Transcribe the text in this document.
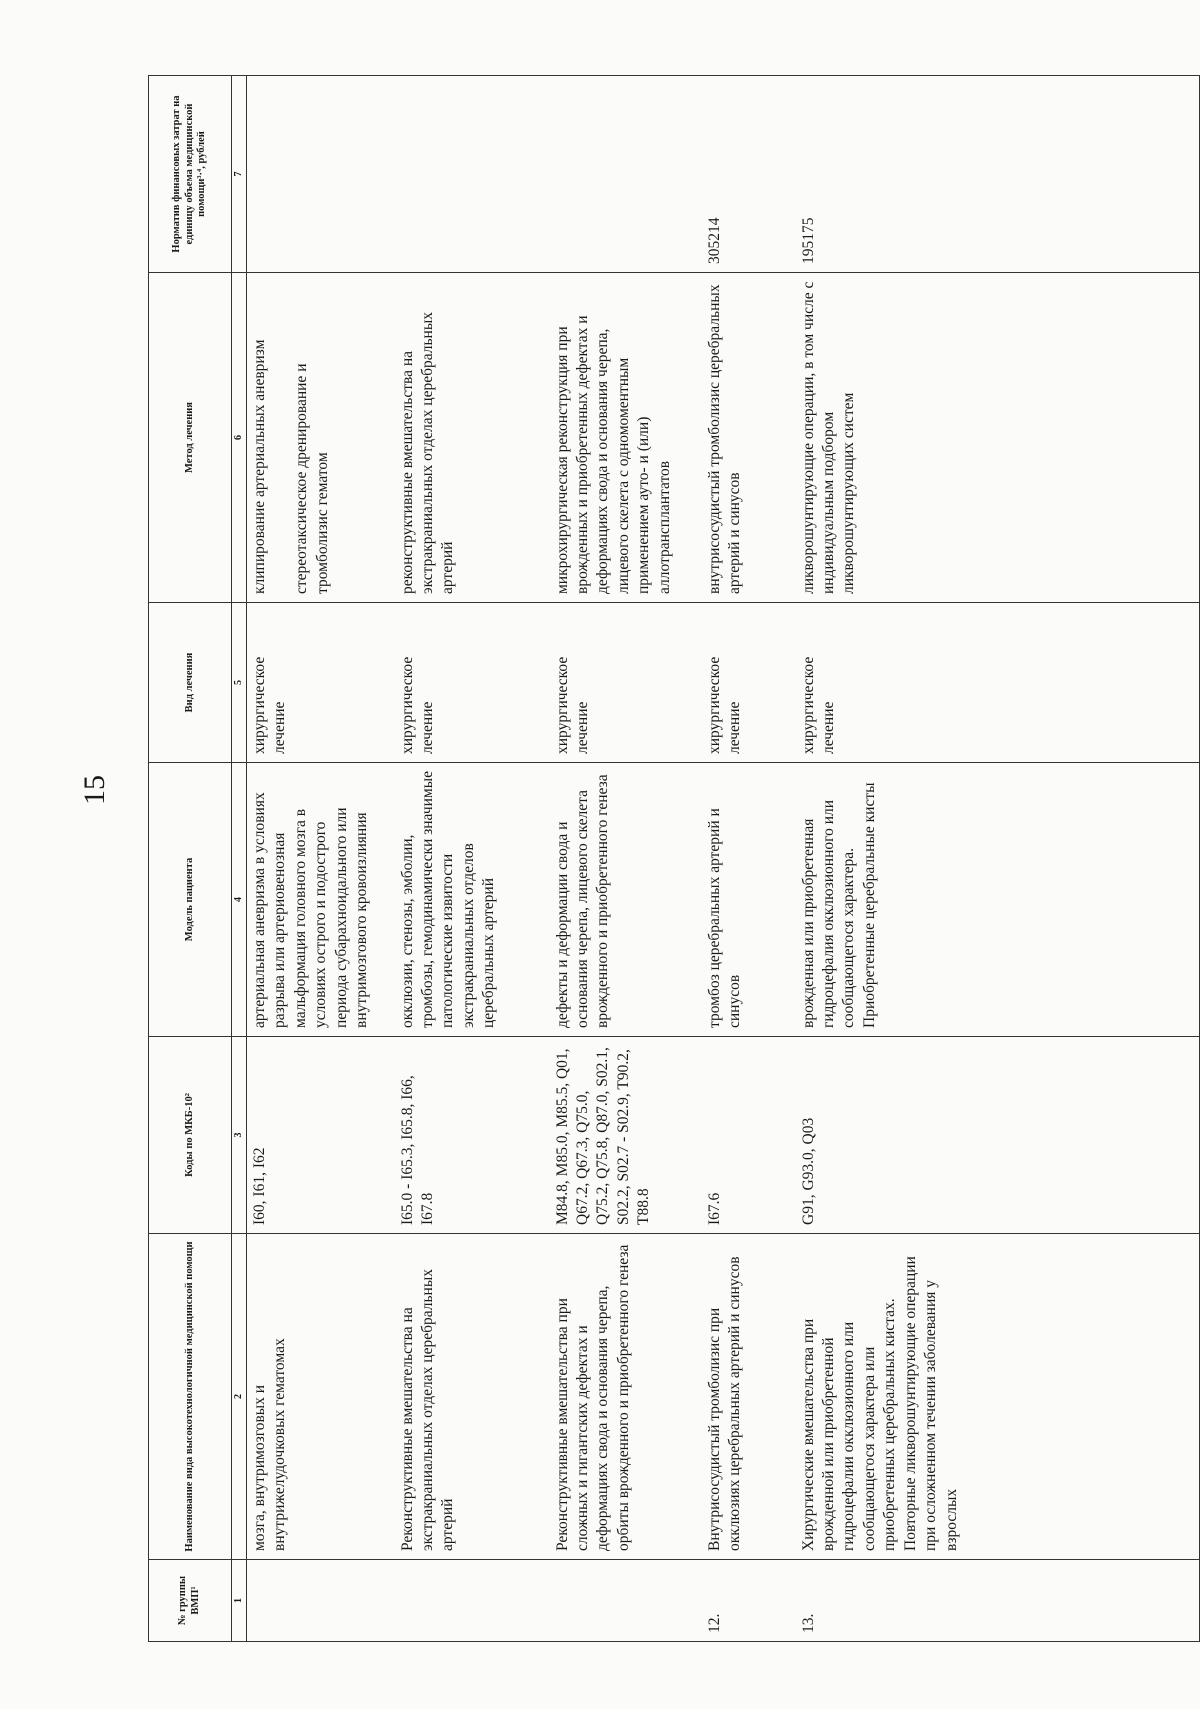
15
№ группы ВМП¹	Наименование вида высокотехнологичной медицинской помощи	Коды по МКБ-10²	Модель пациента	Вид лечения	Метод лечения	Норматив финансовых затрат на единицу объема медицинской помощи³·⁴, рублей
1	2	3	4	5	6	7
	мозга, внутримозговых и внутрижелудочковых гематомах	I60, I61, I62	артериальная аневризма в условиях разрыва или артериовенозная мальформация головного мозга в условиях острого и подострого периода субарахноидального или внутримозгового кровоизлияния	хирургическое лечение	клипирование артериальных аневризм стереотаксическое дренирование и тромболизис гематом	

	Реконструктивные вмешательства на экстракраниальных отделах церебральных артерий	I65.0 - I65.3, I65.8, I66, I67.8	окклюзии, стенозы, эмболии, тромбозы, гемодинамически значимые патологические извитости экстракраниальных отделов церебральных артерий	хирургическое лечение	реконструктивные вмешательства на экстракраниальных отделах церебральных артерий	

	Реконструктивные вмешательства при сложных и гигантских дефектах и деформациях свода и основания черепа, орбиты врожденного и приобретенного генеза	M84.8, M85.0, M85.5, Q01, Q67.2, Q67.3, Q75.0, Q75.2, Q75.8, Q87.0, S02.1, S02.2, S02.7 - S02.9, T90.2, T88.8	дефекты и деформации свода и основания черепа, лицевого скелета врожденного и приобретенного генеза	хирургическое лечение	микрохирургическая реконструкция при врожденных и приобретенных дефектах и деформациях свода и основания черепа, лицевого скелета с одномоментным применением ауто- и (или) аллотрансплантатов	

12.	Внутрисосудистый тромболизис при окклюзиях церебральных артерий и синусов	I67.6	тромбоз церебральных артерий и синусов	хирургическое лечение	внутрисосудистый тромболизис церебральных артерий и синусов	305214
13.	Хирургические вмешательства при врожденной или приобретенной гидроцефалии окклюзионного или сообщающегося характера или приобретенных церебральных кистах. Повторные ликворошунтирующие операции при осложненном течении заболевания у взрослых	G91, G93.0, Q03	врожденная или приобретенная гидроцефалия окклюзионного или сообщающегося характера. Приобретенные церебральные кисты	хирургическое лечение	ликворошунтирующие операции, в том числе с индивидуальным подбором ликворошунтирующих систем	195175
